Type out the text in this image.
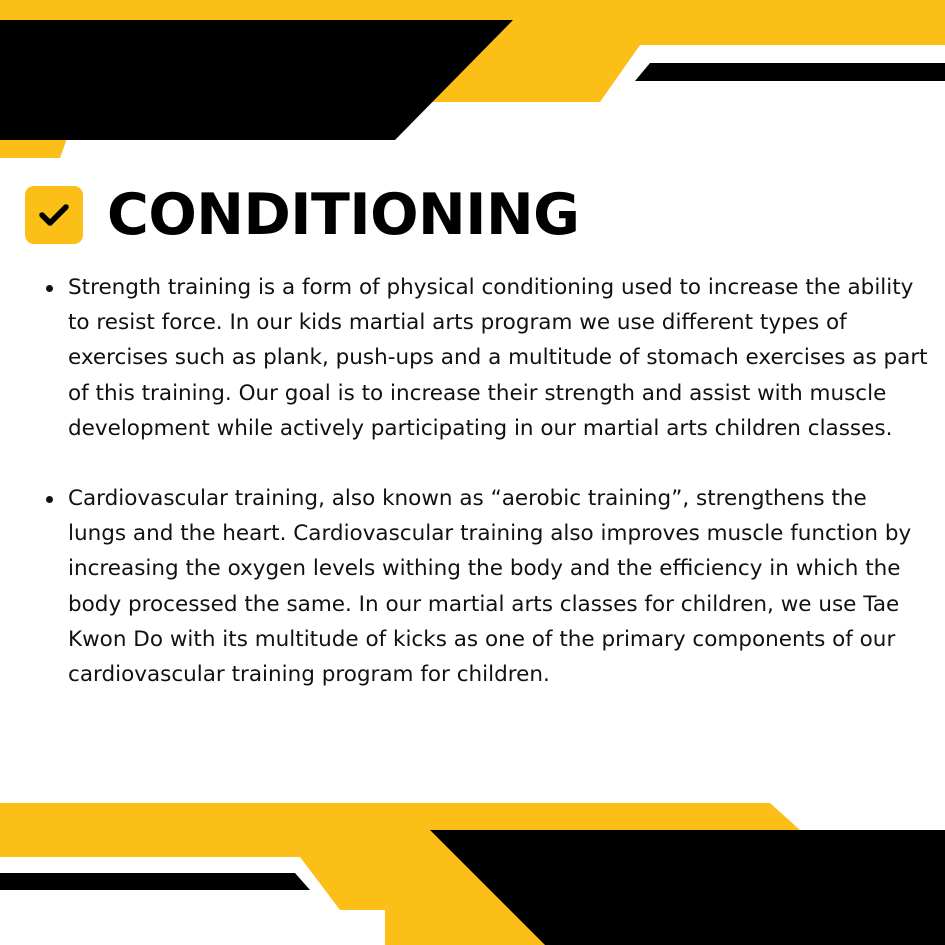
CONDITIONING
Strength training is a form of physical conditioning used to increase the ability to resist force. In our kids martial arts program we use different types of exercises such as plank, push-ups and a multitude of stomach exercises as part of this training. Our goal is to increase their strength and assist with muscle development while actively participating in our martial arts children classes.
Cardiovascular training, also known as “aerobic training”, strengthens the lungs and the heart. Cardiovascular training also improves muscle function by increasing the oxygen levels withing the body and the efficiency in which the body processed the same. In our martial arts classes for children, we use Tae Kwon Do with its multitude of kicks as one of the primary components of our cardiovascular training program for children.
